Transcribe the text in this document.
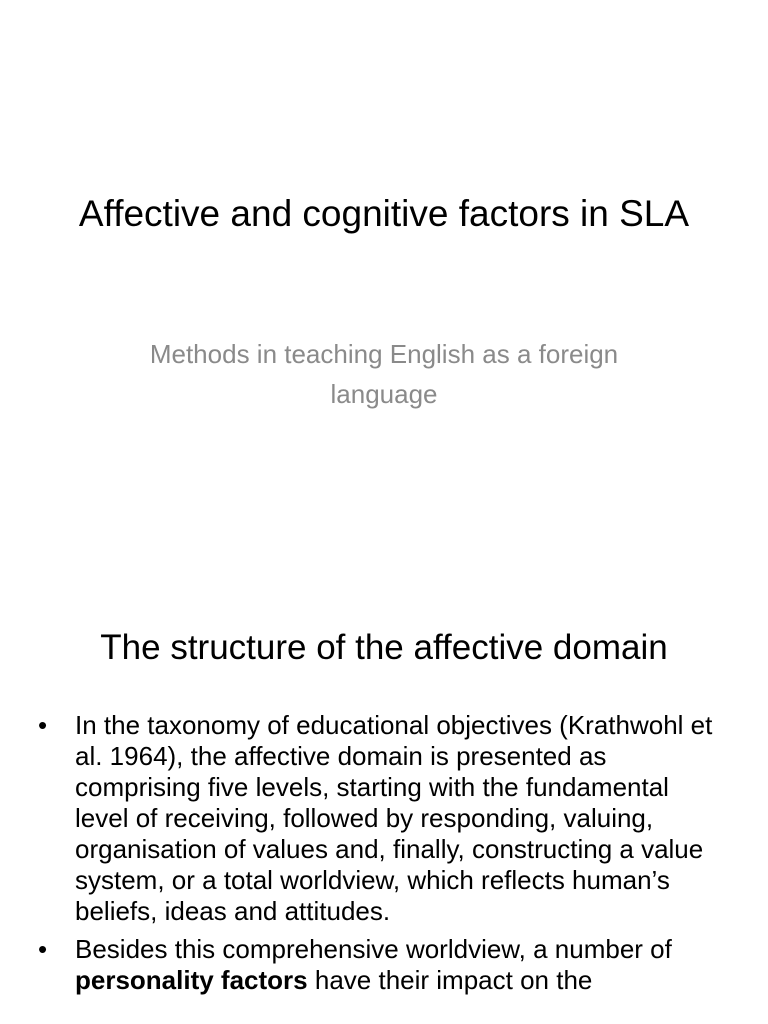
Affective and cognitive factors in SLA

Methods in teaching English as a foreign language

The structure of the affective domain
• In the taxonomy of educational objectives (Krathwohl et al. 1964), the affective domain is presented as comprising five levels, starting with the fundamental level of receiving, followed by responding, valuing, organisation of values and, finally, constructing a value system, or a total worldview, which reflects human’s beliefs, ideas and attitudes.
• Besides this comprehensive worldview, a number of personality factors have their impact on the
